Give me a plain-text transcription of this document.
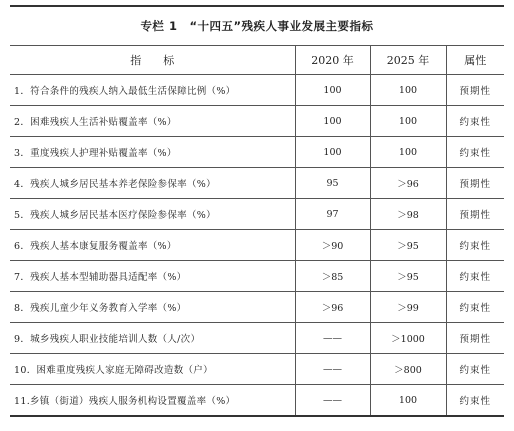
专栏 1　“十四五”残疾人事业发展主要指标			
指　　标	2020 年	2025 年	属性
1．符合条件的残疾人纳入最低生活保障比例（%）	100	100	预期性
2．困难残疾人生活补贴覆盖率（%）	100	100	约束性
3．重度残疾人护理补贴覆盖率（%）	100	100	约束性
4．残疾人城乡居民基本养老保险参保率（%）	95	＞96	预期性
5．残疾人城乡居民基本医疗保险参保率（%）	97	＞98	预期性
6．残疾人基本康复服务覆盖率（%）	＞90	＞95	约束性
7．残疾人基本型辅助器具适配率（%）	＞85	＞95	约束性
8．残疾儿童少年义务教育入学率（%）	＞96	＞99	约束性
9．城乡残疾人职业技能培训人数（人/次）	——	＞1000	预期性
10．困难重度残疾人家庭无障碍改造数（户）	——	＞800	约束性
11.乡镇（街道）残疾人服务机构设置覆盖率（%）	——	100	约束性
